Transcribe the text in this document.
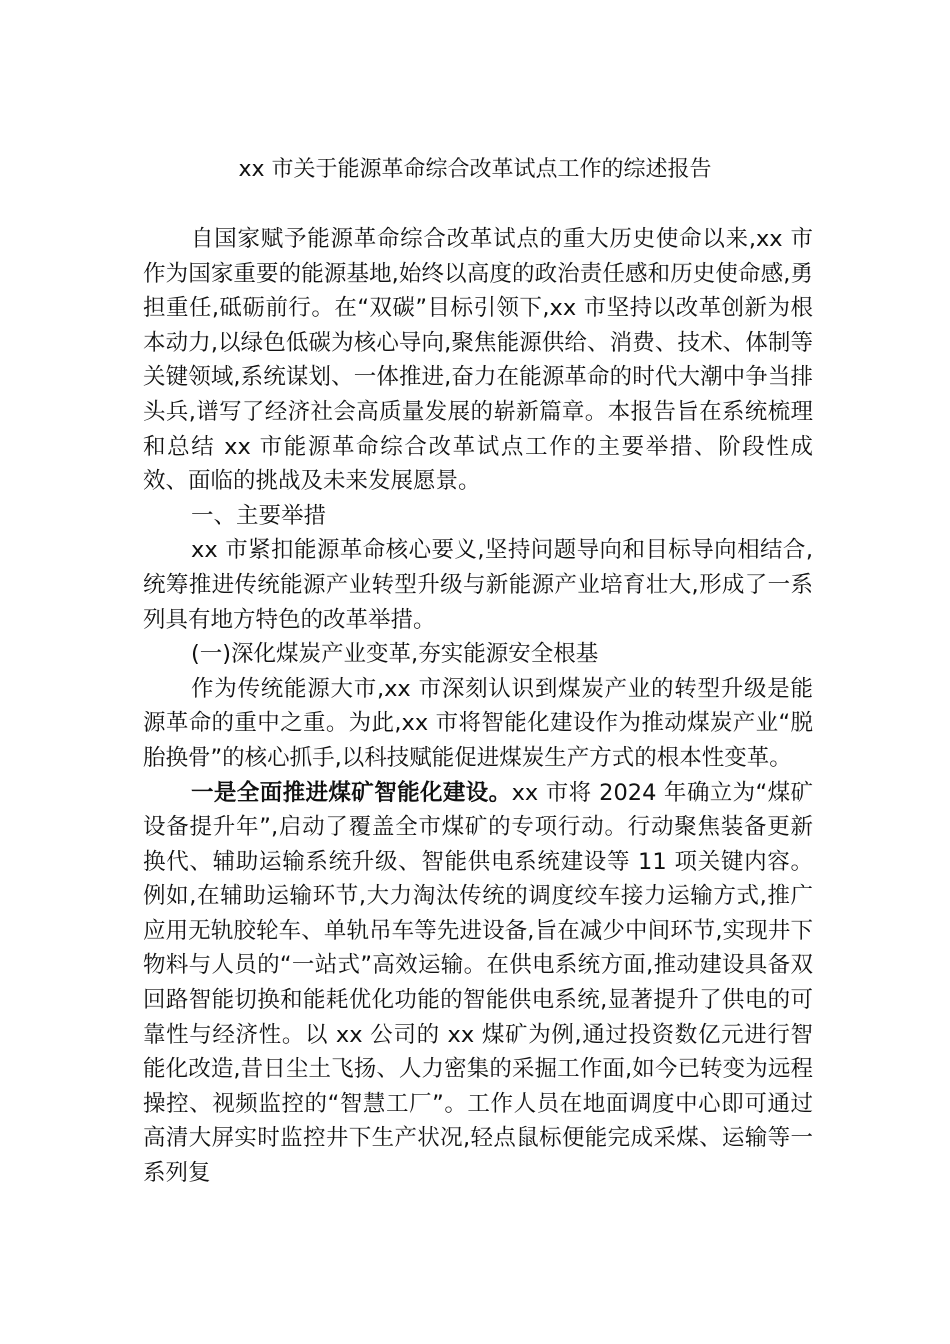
xx 市关于能源革命综合改革试点工作的综述报告

自国家赋予能源革命综合改革试点的重大历史使命以来,xx 市作为国家重要的能源基地,始终以高度的政治责任感和历史使命感,勇担重任,砥砺前行。在“双碳”目标引领下,xx 市坚持以改革创新为根本动力,以绿色低碳为核心导向,聚焦能源供给、消费、技术、体制等关键领域,系统谋划、一体推进,奋力在能源革命的时代大潮中争当排头兵,谱写了经济社会高质量发展的崭新篇章。本报告旨在系统梳理和总结 xx 市能源革命综合改革试点工作的主要举措、阶段性成效、面临的挑战及未来发展愿景。

一、主要举措

xx 市紧扣能源革命核心要义,坚持问题导向和目标导向相结合,统筹推进传统能源产业转型升级与新能源产业培育壮大,形成了一系列具有地方特色的改革举措。

(一)深化煤炭产业变革,夯实能源安全根基

作为传统能源大市,xx 市深刻认识到煤炭产业的转型升级是能源革命的重中之重。为此,xx 市将智能化建设作为推动煤炭产业“脱胎换骨”的核心抓手,以科技赋能促进煤炭生产方式的根本性变革。

一是全面推进煤矿智能化建设。xx 市将 2024 年确立为“煤矿设备提升年”,启动了覆盖全市煤矿的专项行动。行动聚焦装备更新换代、辅助运输系统升级、智能供电系统建设等 11 项关键内容。例如,在辅助运输环节,大力淘汰传统的调度绞车接力运输方式,推广应用无轨胶轮车、单轨吊车等先进设备,旨在减少中间环节,实现井下物料与人员的“一站式”高效运输。在供电系统方面,推动建设具备双回路智能切换和能耗优化功能的智能供电系统,显著提升了供电的可靠性与经济性。以 xx 公司的 xx 煤矿为例,通过投资数亿元进行智能化改造,昔日尘土飞扬、人力密集的采掘工作面,如今已转变为远程操控、视频监控的“智慧工厂”。工作人员在地面调度中心即可通过高清大屏实时监控井下生产状况,轻点鼠标便能完成采煤、运输等一系列复
